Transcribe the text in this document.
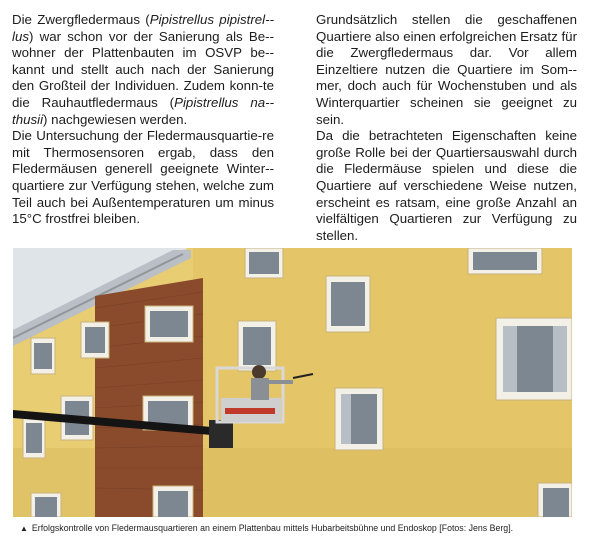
Die Zwergfledermaus (Pipistrellus pipistrel-lus) war schon vor der Sanierung als Be-wohner der Plattenbauten im OSVP be-kannt und stellt auch nach der Sanierung den Großteil der Individuen. Zudem konn-te die Rauhautfledermaus (Pipistrellus na-thusii) nachgewiesen werden.

Die Untersuchung der Fledermausquartie-re mit Thermosensoren ergab, dass den Fledermäusen generell geeignete Winter-quartiere zur Verfügung stehen, welche zum Teil auch bei Außentemperaturen um minus 15°C frostfrei bleiben.

Grundsätzlich stellen die geschaffenen Quartiere also einen erfolgreichen Ersatz für die Zwergfledermaus dar. Vor allem Einzeltiere nutzen die Quartiere im Som-mer, doch auch für Wochenstuben und als Winterquartier scheinen sie geeignet zu sein.

Da die betrachteten Eigenschaften keine große Rolle bei der Quartiersauswahl durch die Fledermäuse spielen und diese die Quartiere auf verschiedene Weise nutzen, erscheint es ratsam, eine große Anzahl an vielfältigen Quartieren zur Verfügung zu stellen.

▲ Erfolgskontrolle von Fledermausquartieren an einem Plattenbau mittels Hubarbeitsbühne und Endoskop [Fotos: Jens Berg].
